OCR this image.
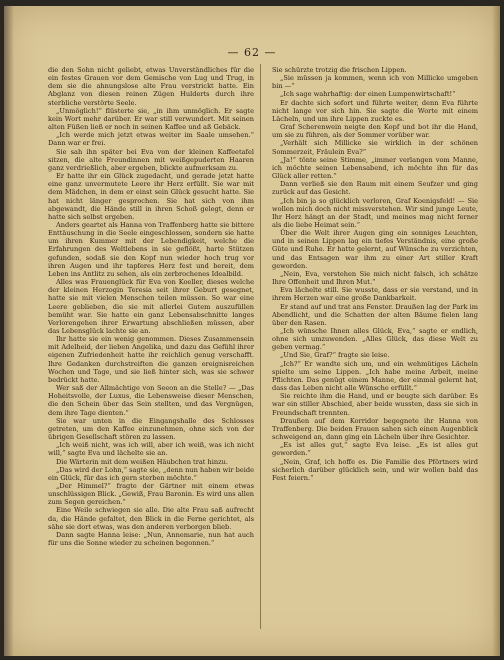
— 62 —

die den Sohn nicht geliebt, etwas Unverständliches für die ein festes Grauen vor dem Gemische von Lug und Trug, in dem sie die ahnungslose alte Frau verstrickt hatte. Ein Abglanz von diesen reinen Zügen Hulderts durch ihre sterbliche verstörte Seele.

„Unmöglich!“ flüsterte sie, „in ihm unmöglich. Er sagte kein Wort mehr darüber. Er war still verwundert. Mit seinen alten Füßen ließ er noch in seinen Kaffee und aß Gebäck.

„Ich werde mich jetzt etwas weiter im Saale umsehen.“ Dann war er frei.

Sie sah ihn später bei Eva von der kleinen Kaffeetafel sitzen, die alte Freundinnen mit weißgepuderten Haaren ganz verdrießlich, aber ergeben, blickte aufmerksam zu.

Er hatte ihr ein Glück zugedacht, und gerade jetzt hatte eine ganz unvermutete Leere ihr Herz erfüllt. Sie war mit dem Mädchen, in dem er einst sein Glück gesucht hatte. Sie hat nicht länger gesprochen. Sie hat sich von ihm abgewandt, die Hände still in ihren Schoß gelegt, denn er hatte sich selbst ergeben.

Anders geartet als Hanna von Traffenberg hatte sie bittere Enttäuschung in die Seele eingeschlossen, sondern sie hatte um ihren Kummer mit der Lebendigkeit, welche die Erfahrungen des Weltlebens in sie geflößt, harte Stützen gefunden, sodaß sie den Kopf nun wieder hoch trug vor ihren Augen und ihr tapferes Herz fest und bereit, dem Leben ins Antlitz zu sehen, als ein zerbrochenes Idealbild.

Alles was Frauenglück für Eva von Koeller, dieses welche der kleinen Herzogin Teresia seit ihrer Geburt gesegnet, hatte sie mit vielen Menschen teilen müssen. So war eine Leere geblieben, die sie mit allerlei Gutem auszufüllen bemüht war. Sie hatte ein ganz Lebensabschnitte langes Verlorengehen ihrer Erwartung abschließen müssen, aber das Lebensglück lachte sie an.

Ihr hatte sie ein wenig genommen. Dieses Zusammensein mit Adelheid, der lieben Angelika, und dazu das Gefühl ihrer eigenen Zufriedenheit hatte ihr reichlich genug verschafft. Ihre Gedanken durchstreiften die ganzen ereignisreichen Wochen und Tage, und sie ließ hinter sich, was sie schwer bedrückt hatte.

Wer saß der Allmächtige von Seeon an die Stelle? — „Das Hoheitsvolle, der Luxus, die Lebensweise dieser Menschen, die den Schein über das Sein stellten, und das Vergnügen, dem ihre Tage dienten.“

Sie war unten in die Eingangshalle des Schlosses getreten, um den Kaffee einzunehmen, ohne sich von der übrigen Gesellschaft stören zu lassen.

„Ich weiß nicht, was ich will, aber ich weiß, was ich nicht will,“ sagte Eva und lächelte sie an.

Die Wärterin mit dem weißen Häubchen trat hinzu.

„Das wird der Lohn,“ sagte sie, „denn nun haben wir beide ein Glück, für das ich gern sterben möchte.“

„Der Himmel?“ fragte der Gärtner mit einem etwas unschlüssigen Blick. „Gewiß, Frau Baronin. Es wird uns allen zum Segen gereichen.“

Eine Weile schwiegen sie alle. Die alte Frau saß aufrecht da, die Hände gefaltet, den Blick in die Ferne gerichtet, als sähe sie dort etwas, was den anderen verborgen blieb.

Dann sagte Hanna leise: „Nun, Annemarie, nun hat auch für uns die Sonne wieder zu scheinen begonnen.“

Sie schürzte trotzig die frischen Lippen.

„Sie müssen ja kommen, wenn ich von Millicke umgeben bin —“

„Ich sage wahrhaftig: der einen Lumpenwirtschaft!“

Er dachte sich sofort und führte weiter, denn Eva führte nicht lange vor sich hin. Sie sagte die Worte mit einem Lächeln, und um ihre Lippen zuckte es.

Graf Scherenwein neigte den Kopf und bot ihr die Hand, um sie zu führen, als der Sommer vorüber war.

„Verhält sich Millicke sie wirklich in der schönen Sommerzeit, Fräulein Eva?“

„Ja!“ tönte seine Stimme, „immer verlangen vom Manne, ich möchte seinen Lebensabend, ich möchte ihn für das Glück aller retten.“

Dann verließ sie den Raum mit einem Seufzer und ging zurück auf das Gesicht.

„Ich bin ja so glücklich verloren, Graf Koenigsfeld! — Sie wollen mich doch nicht missverstehen. Wir sind junge Leute, Ihr Herz hängt an der Stadt, und meines mag nicht ferner als die liebe Heimat sein.“

Über die Welt ihrer Augen ging ein sonniges Leuchten, und in seinen Lippen lag ein tiefes Verständnis, eine große Güte und Ruhe. Er hatte gelernt, auf Wünsche zu verzichten, und das Entsagen war ihm zu einer Art stiller Kraft geworden.

„Nein, Eva, verstehen Sie mich nicht falsch, ich schätze Ihre Offenheit und Ihren Mut.“

Eva lächelte still. Sie wusste, dass er sie verstand, und in ihrem Herzen war eine große Dankbarkeit.

Er stand auf und trat ans Fenster. Draußen lag der Park im Abendlicht, und die Schatten der alten Bäume fielen lang über den Rasen.

„Ich wünsche Ihnen alles Glück, Eva,“ sagte er endlich, ohne sich umzuwenden. „Alles Glück, das diese Welt zu geben vermag.“

„Und Sie, Graf?“ fragte sie leise.

„Ich?“ Er wandte sich um, und ein wehmütiges Lächeln spielte um seine Lippen. „Ich habe meine Arbeit, meine Pflichten. Das genügt einem Manne, der einmal gelernt hat, dass das Leben nicht alle Wünsche erfüllt.“

Sie reichte ihm die Hand, und er beugte sich darüber. Es war ein stiller Abschied, aber beide wussten, dass sie sich in Freundschaft trennten.

Draußen auf dem Korridor begegnete ihr Hanna von Traffenberg. Die beiden Frauen sahen sich einen Augenblick schweigend an, dann ging ein Lächeln über ihre Gesichter.

„Es ist alles gut,“ sagte Eva leise. „Es ist alles gut geworden.“

„Nein, Graf, ich hoffe es. Die Familie des Pförtners wird sicherlich darüber glücklich sein, und wir wollen bald das Fest feiern.“
